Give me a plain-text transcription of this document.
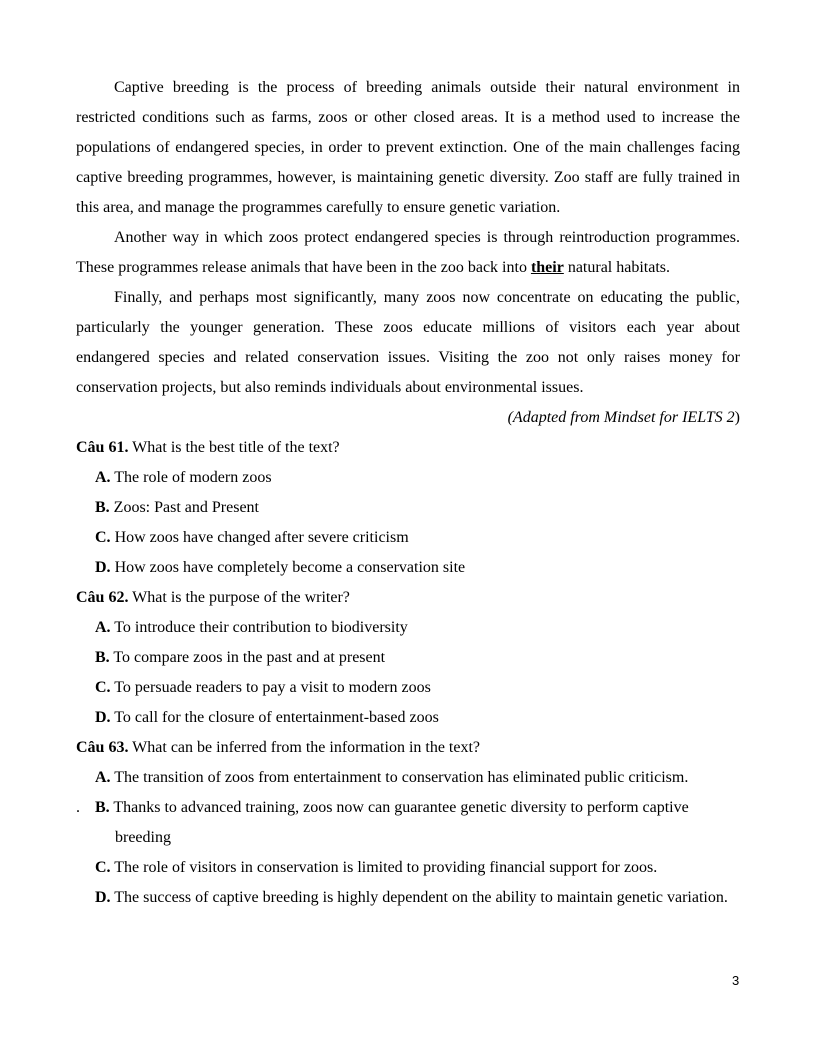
Captive breeding is the process of breeding animals outside their natural environment in restricted conditions such as farms, zoos or other closed areas. It is a method used to increase the populations of endangered species, in order to prevent extinction. One of the main challenges facing captive breeding programmes, however, is maintaining genetic diversity. Zoo staff are fully trained in this area, and manage the programmes carefully to ensure genetic variation.

Another way in which zoos protect endangered species is through reintroduction programmes. These programmes release animals that have been in the zoo back into their natural habitats.

Finally, and perhaps most significantly, many zoos now concentrate on educating the public, particularly the younger generation. These zoos educate millions of visitors each year about endangered species and related conservation issues. Visiting the zoo not only raises money for conservation projects, but also reminds individuals about environmental issues.

(Adapted from Mindset for IELTS 2)

Câu 61. What is the best title of the text?

A. The role of modern zoos

B. Zoos: Past and Present

C. How zoos have changed after severe criticism

D. How zoos have completely become a conservation site

Câu 62. What is the purpose of the writer?

A. To introduce their contribution to biodiversity

B. To compare zoos in the past and at present

C. To persuade readers to pay a visit to modern zoos

D. To call for the closure of entertainment-based zoos

Câu 63. What can be inferred from the information in the text?

A. The transition of zoos from entertainment to conservation has eliminated public criticism.

. B. Thanks to advanced training, zoos now can guarantee genetic diversity to perform captive breeding

C. The role of visitors in conservation is limited to providing financial support for zoos.

D. The success of captive breeding is highly dependent on the ability to maintain genetic variation.

3
